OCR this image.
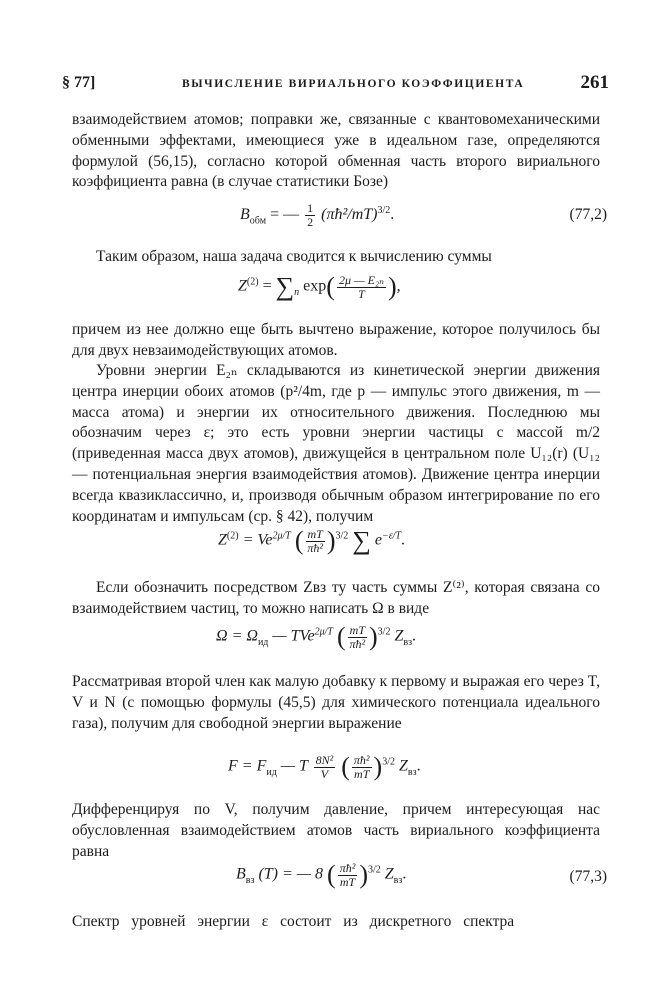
§ 77]	ВЫЧИСЛЕНИЕ ВИРИАЛЬНОГО КОЭФФИЦИЕНТА	261

взаимодействием атомов; поправки же, связанные с квантовомеханическими обменными эффектами, имеющиеся уже в идеальном газе, определяются формулой (56,15), согласно которой обменная часть второго вириального коэффициента равна (в случае статистики Бозе)

$B_{обм}$ = — $\frac{1}{2}$ (πħ²/mT)$^{3/2}$.	(77,2)

Таким образом, наша задача сводится к вычислению суммы

$Z^{(2)} = \sum_n$ $\exp( \frac{\text{2μ — E₂ₙ}}{T}$ ),

причем из нее должно еще быть вычтено выражение, которое получилось бы для двух невзаимодействующих атомов.

Уровни энергии E₂ₙ складываются из кинетической энергии движения центра инерции обоих атомов (p²/4m, где p — импульс этого движения, m — масса атома) и энергии их относительного движения. Последнюю мы обозначим через ε; это есть уровни энергии частицы с массой m/2 (приведенная масса двух атомов), движущейся в центральном поле U₁₂(r) (U₁₂ — потенциальная энергия взаимодействия атомов). Движение центра инерции всегда квазиклассично, и, производя обычным образом интегрирование по его координатам и импульсам (ср. § 42), получим

$Z^{(2)} = Ve^{2\mu/T}$ ( $\frac{mT}{\text{πħ²}} )^{3/2}$ ∑ $e^{-\varepsilon/T}$.

Если обозначить посредством Zвз ту часть суммы Z⁽²⁾, которая связана со взаимодействием частиц, то можно написать Ω в виде

$\Omega = \Omega_{ид}$ — TVe$^{2\mu/T}$ ( $\frac{mT}{\text{πħ²}} )^{3/2}$ $Z_{вз}$.

Рассматривая второй член как малую добавку к первому и выражая его через T, V и N (с помощью формулы (45,5) для химического потенциала идеального газа), получим для свободной энергии выражение

$F = F_{ид}$ — T $\frac{\text{8N²}}{V}$ ( $\frac{\text{πħ²}}{mT} )^{3/2}$ $Z_{вз}$.

Дифференцируя по V, получим давление, причем интересующая нас обусловленная взаимодействием атомов часть вириального коэффициента равна

$B_{вз}$ (T) = — 8 ( $\frac{\text{πħ²}}{mT} )^{3/2}$ $Z_{вз}$.	(77,3)

Спектр уровней энергии ε состоит из дискретного спектра
